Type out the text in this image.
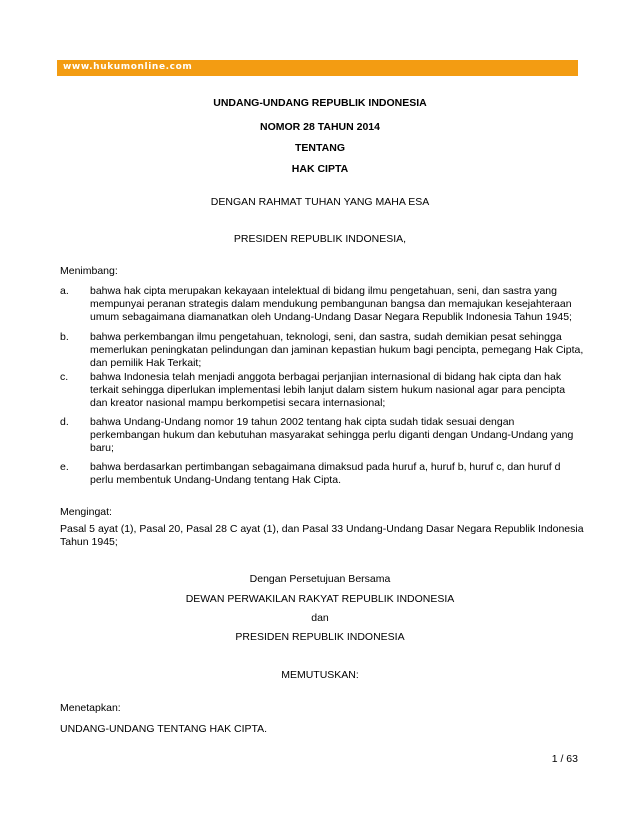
www.hukumonline.com
UNDANG-UNDANG REPUBLIK INDONESIA
NOMOR 28 TAHUN 2014
TENTANG
HAK CIPTA
DENGAN RAHMAT TUHAN YANG MAHA ESA
PRESIDEN REPUBLIK INDONESIA,
Menimbang:
a. bahwa hak cipta merupakan kekayaan intelektual di bidang ilmu pengetahuan, seni, dan sastra yang
mempunyai peranan strategis dalam mendukung pembangunan bangsa dan memajukan kesejahteraan
umum sebagaimana diamanatkan oleh Undang-Undang Dasar Negara Republik Indonesia Tahun 1945;
b. bahwa perkembangan ilmu pengetahuan, teknologi, seni, dan sastra, sudah demikian pesat sehingga
memerlukan peningkatan pelindungan dan jaminan kepastian hukum bagi pencipta, pemegang Hak Cipta,
dan pemilik Hak Terkait;
c. bahwa Indonesia telah menjadi anggota berbagai perjanjian internasional di bidang hak cipta dan hak
terkait sehingga diperlukan implementasi lebih lanjut dalam sistem hukum nasional agar para pencipta
dan kreator nasional mampu berkompetisi secara internasional;
d. bahwa Undang-Undang nomor 19 tahun 2002 tentang hak cipta sudah tidak sesuai dengan
perkembangan hukum dan kebutuhan masyarakat sehingga perlu diganti dengan Undang-Undang yang
baru;
e. bahwa berdasarkan pertimbangan sebagaimana dimaksud pada huruf a, huruf b, huruf c, dan huruf d
perlu membentuk Undang-Undang tentang Hak Cipta.
Mengingat:
Pasal 5 ayat (1), Pasal 20, Pasal 28 C ayat (1), dan Pasal 33 Undang-Undang Dasar Negara Republik Indonesia
Tahun 1945;
Dengan Persetujuan Bersama
DEWAN PERWAKILAN RAKYAT REPUBLIK INDONESIA
dan
PRESIDEN REPUBLIK INDONESIA
MEMUTUSKAN:
Menetapkan:
UNDANG-UNDANG TENTANG HAK CIPTA.
1 / 63
